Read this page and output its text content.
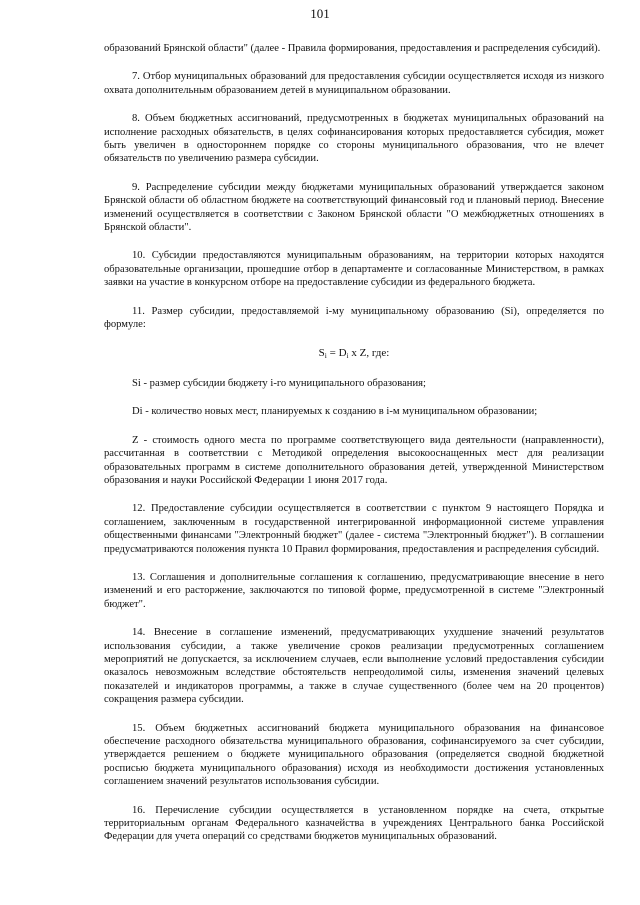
101

образований Брянской области" (далее - Правила формирования, предоставления и распределения субсидий).

7. Отбор муниципальных образований для предоставления субсидии осуществляется исходя из низкого охвата дополнительным образованием детей в муниципальном образовании.

8. Объем бюджетных ассигнований, предусмотренных в бюджетах муниципальных образований на исполнение расходных обязательств, в целях софинансирования которых предоставляется субсидия, может быть увеличен в одностороннем порядке со стороны муниципального образования, что не влечет обязательств по увеличению размера субсидии.

9. Распределение субсидии между бюджетами муниципальных образований утверждается законом Брянской области об областном бюджете на соответствующий финансовый год и плановый период. Внесение изменений осуществляется в соответствии с Законом Брянской области "О межбюджетных отношениях в Брянской области".

10. Субсидии предоставляются муниципальным образованиям, на территории которых находятся образовательные организации, прошедшие отбор в департаменте и согласованные Министерством, в рамках заявки на участие в конкурсном отборе на предоставление субсидии из федерального бюджета.

11. Размер субсидии, предоставляемой i-му муниципальному образованию (Si), определяется по формуле:

$S_i = D_i$ x Z, где:

Si - размер субсидии бюджету i-го муниципального образования;

Di - количество новых мест, планируемых к созданию в i-м муниципальном образовании;

Z - стоимость одного места по программе соответствующего вида деятельности (направленности), рассчитанная в соответствии с Методикой определения высокооснащенных мест для реализации образовательных программ в системе дополнительного образования детей, утвержденной Министерством образования и науки Российской Федерации 1 июня 2017 года.

12. Предоставление субсидии осуществляется в соответствии с пунктом 9 настоящего Порядка и соглашением, заключенным в государственной интегрированной информационной системе управления общественными финансами "Электронный бюджет" (далее - система "Электронный бюджет"). В соглашении предусматриваются положения пункта 10 Правил формирования, предоставления и распределения субсидий.

13. Соглашения и дополнительные соглашения к соглашению, предусматривающие внесение в него изменений и его расторжение, заключаются по типовой форме, предусмотренной в системе "Электронный бюджет".

14. Внесение в соглашение изменений, предусматривающих ухудшение значений результатов использования субсидии, а также увеличение сроков реализации предусмотренных соглашением мероприятий не допускается, за исключением случаев, если выполнение условий предоставления субсидии оказалось невозможным вследствие обстоятельств непреодолимой силы, изменения значений целевых показателей и индикаторов программы, а также в случае существенного (более чем на 20 процентов) сокращения размера субсидии.

15. Объем бюджетных ассигнований бюджета муниципального образования на финансовое обеспечение расходного обязательства муниципального образования, софинансируемого за счет субсидии, утверждается решением о бюджете муниципального образования (определяется сводной бюджетной росписью бюджета муниципального образования) исходя из необходимости достижения установленных соглашением значений результатов использования субсидии.

16. Перечисление субсидии осуществляется в установленном порядке на счета, открытые территориальным органам Федерального казначейства в учреждениях Центрального банка Российской Федерации для учета операций со средствами бюджетов муниципальных образований.
